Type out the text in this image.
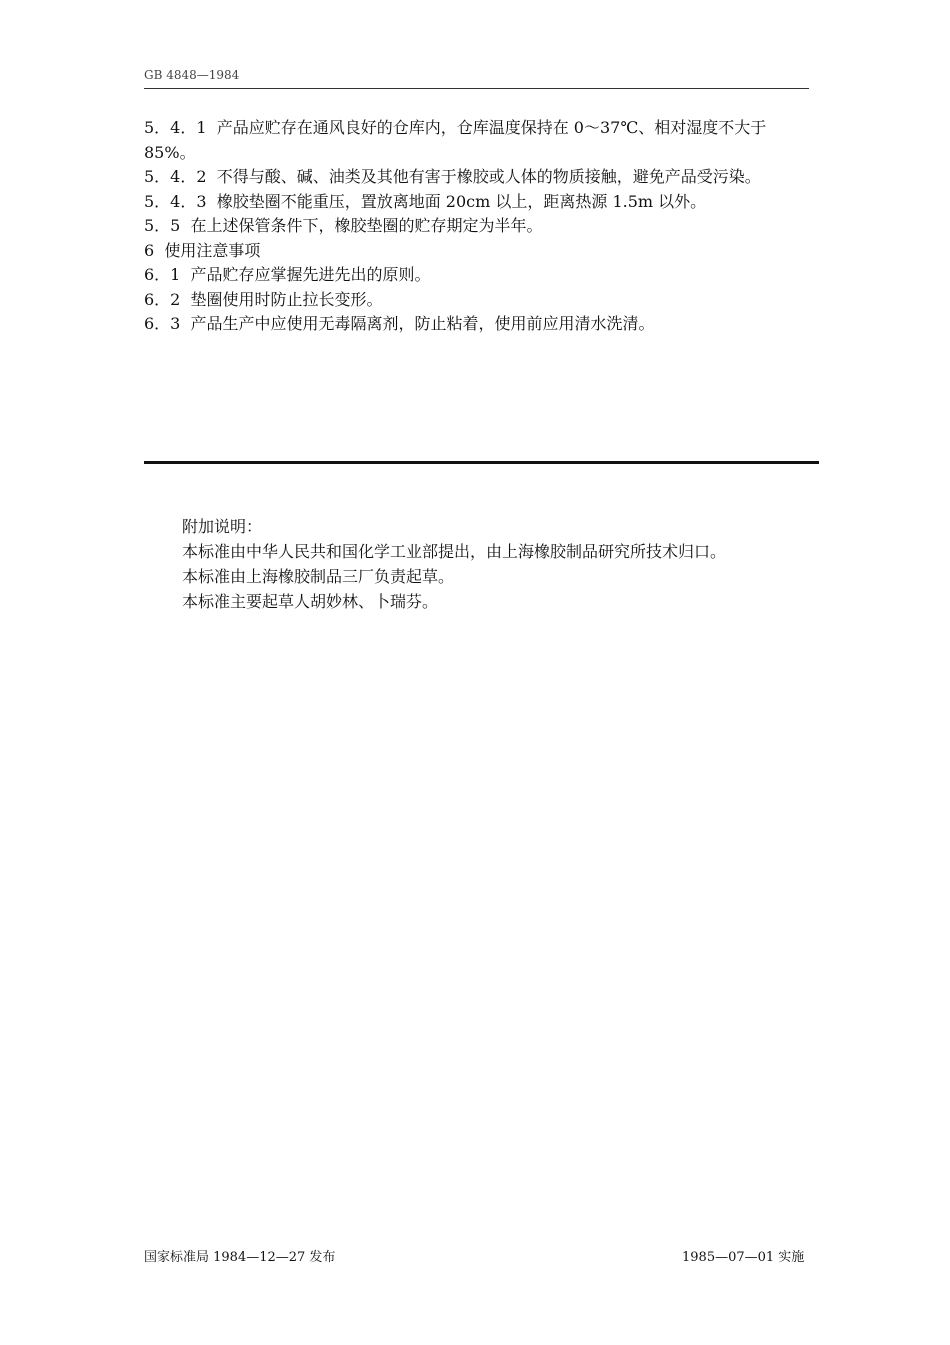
GB 4848—1984

5．4．1  产品应贮存在通风良好的仓库内，仓库温度保持在 0～37℃、相对湿度不大于 85%。

5．4．2  不得与酸、碱、油类及其他有害于橡胶或人体的物质接触，避免产品受污染。

5．4．3  橡胶垫圈不能重压，置放离地面 20cm 以上，距离热源 1.5m 以外。

5．5  在上述保管条件下，橡胶垫圈的贮存期定为半年。

6  使用注意事项

6．1  产品贮存应掌握先进先出的原则。

6．2  垫圈使用时防止拉长变形。

6．3  产品生产中应使用无毒隔离剂，防止粘着，使用前应用清水洗清。

附加说明：

本标准由中华人民共和国化学工业部提出，由上海橡胶制品研究所技术归口。

本标准由上海橡胶制品三厂负责起草。

本标准主要起草人胡妙林、卜瑞芬。

国家标准局 1984—12—27 发布	1985—07—01 实施
